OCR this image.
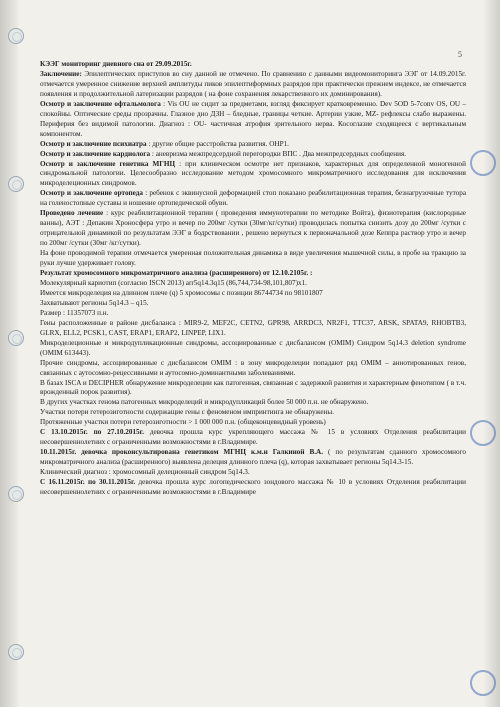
5

КЭЭГ мониторинг дневного сна от 29.09.2015г.

Заключение: Эпилептических приступов во сну данной не отмечено. По сравнению с данными видеомониторинга ЭЭГ от 14.09.2015г. отмечается умеренное снижение верхней амплитуды пиков эпилептиформных разрядов при практически прежнем индексе, не отмечается появления и продолжительной латеризации разрядов ( на фоне сохранения лекарственного их доминирования).

Осмотр и заключение офтальмолога : Vis OU не сидит за предметами, взгляд фиксирует кратковременно. Dev 5OD 5-7conv OS, OU – спокойны. Оптические среды прозрачны. Глазное дно ДЗН – бледные, границы четкие. Артерии узкие, MZ- рефлексы слабо выражены. Периферия без видимой патологии. Диагноз : OU- частичная атрофия зрительного нерва. Косоглазие сходящееся с вертикальным компонентом.

Осмотр и заключение психиатра : другие общие расстройства развития. ОНР1.

Осмотр и заключение кардиолога : аневризма межпредсердной перегородки ВПС . Два межпредсердных сообщения.

Осмотр и заключение генетика МГНЦ : при клиническом осмотре нет признаков, характерных для определенной моногенной синдромальной патологии. Целесообразно исследование методом хромосомного микроматричного исследования для исключения микроделеционных синдромов.

Осмотр и заключение ортопеда : ребенок с эквинусной деформацией стоп показано реабилитационная терапия, безнагрузочные тутора на голеностопные суставы и ношение ортопедической обуви.

Проведено лечение : курс реабилитационной терапии ( проведения иммунотерапии по методике Войта), физиотерапия (кислородные ванны), АЭТ : Депакин Хроносфера утро и вечер по 200мг /сутки (30мг/кг/сутки) проводилась попытка снизить дозу до 200мг /сутки с отрицательной динамикой по результатам ЭЭГ в бодрствовании , решено вернуться к первоначальной дозе Кеппра раствор утро и вечер по 200мг /сутки (30мг /кг/сутки).

На фоне проводимой терапии отмечается умеренная положительная динамика в виде увеличения мышечной силы, в пробе на тракцию за руки лучше удерживает голову.

Результат хромосомного микроматричного анализа (расширенного) от 12.10.2105г. :

Молекулярный кариотип (согласно ISCN 2013) arr5q14.3q15 (86,744,734-98,101,807)x1.

Имеется микроделеция на длинном плече (q) 5 хромосомы с позиции 86744734 по 98101807

Захватывают регионы 5q14.3 – q15.

Размер : 11357073 п.н.

Гены расположенные в районе дисбаланса : MIR9-2, MEF2C, CETN2, GPR98, ARRDC3, NR2F1, TTC37, ARSK, SPATA9, RHOBTB3, GLRX, ELL2, PCSK1, CAST, ERAP1, ERAP2, LINPEP, LIX1.

Микроделеционные и микродупликационные синдромы, ассоциированные с дисбалансом (OMIM) Синдром 5q14.3 deletion syndrome (OMIM 613443).

Прочие синдромы, ассоциированные с дисбалансом OMIM : в зону микроделеции попадают ряд OMIM – аннотированных генов, связанных с аутосомно-рецессивными и аутосомно-доминантными заболеваниями.

В базах ISCA и DECIPHER обнаружение микроделеции как патогенная, связанная с задержкой развития и характерным фенотипом ( в т.ч. врожденный порок развития).

В других участках генома патогенных микроделеций и микродупликаций более 50 000 п.н. не обнаружено.

Участки потери гетерозиготности содержащие гены с феноменом импринтинга не обнаружены.

Протяженные участки потери гетерозиготности > 1 000 000 п.н. (общеконцевидный уровень)

С 13.10.2015г. по 27.10.2015г. девочка прошла курс укрепляющего массажа № 15 в условиях Отделения реабилитации несовершеннолетних с ограниченными возможностями в г.Владимире.

10.11.2015г. девочка проконсультирована генетиком МГНЦ к.м.н Галкиной В.А. ( по результатам сданного хромосомного микроматричного анализа (расширенного) выявлена делеция длинного плеча (q), которая захватывает регионы 5q14.3-15.

Клинический диагноз : хромосомный делеционный синдром 5q14.3.

С 16.11.2015г. по 30.11.2015г. девочка прошла курс логопедического зондового массажа № 10 в условиях Отделения реабилитации несовершеннолетних с ограниченными возможностями в г.Владимире
